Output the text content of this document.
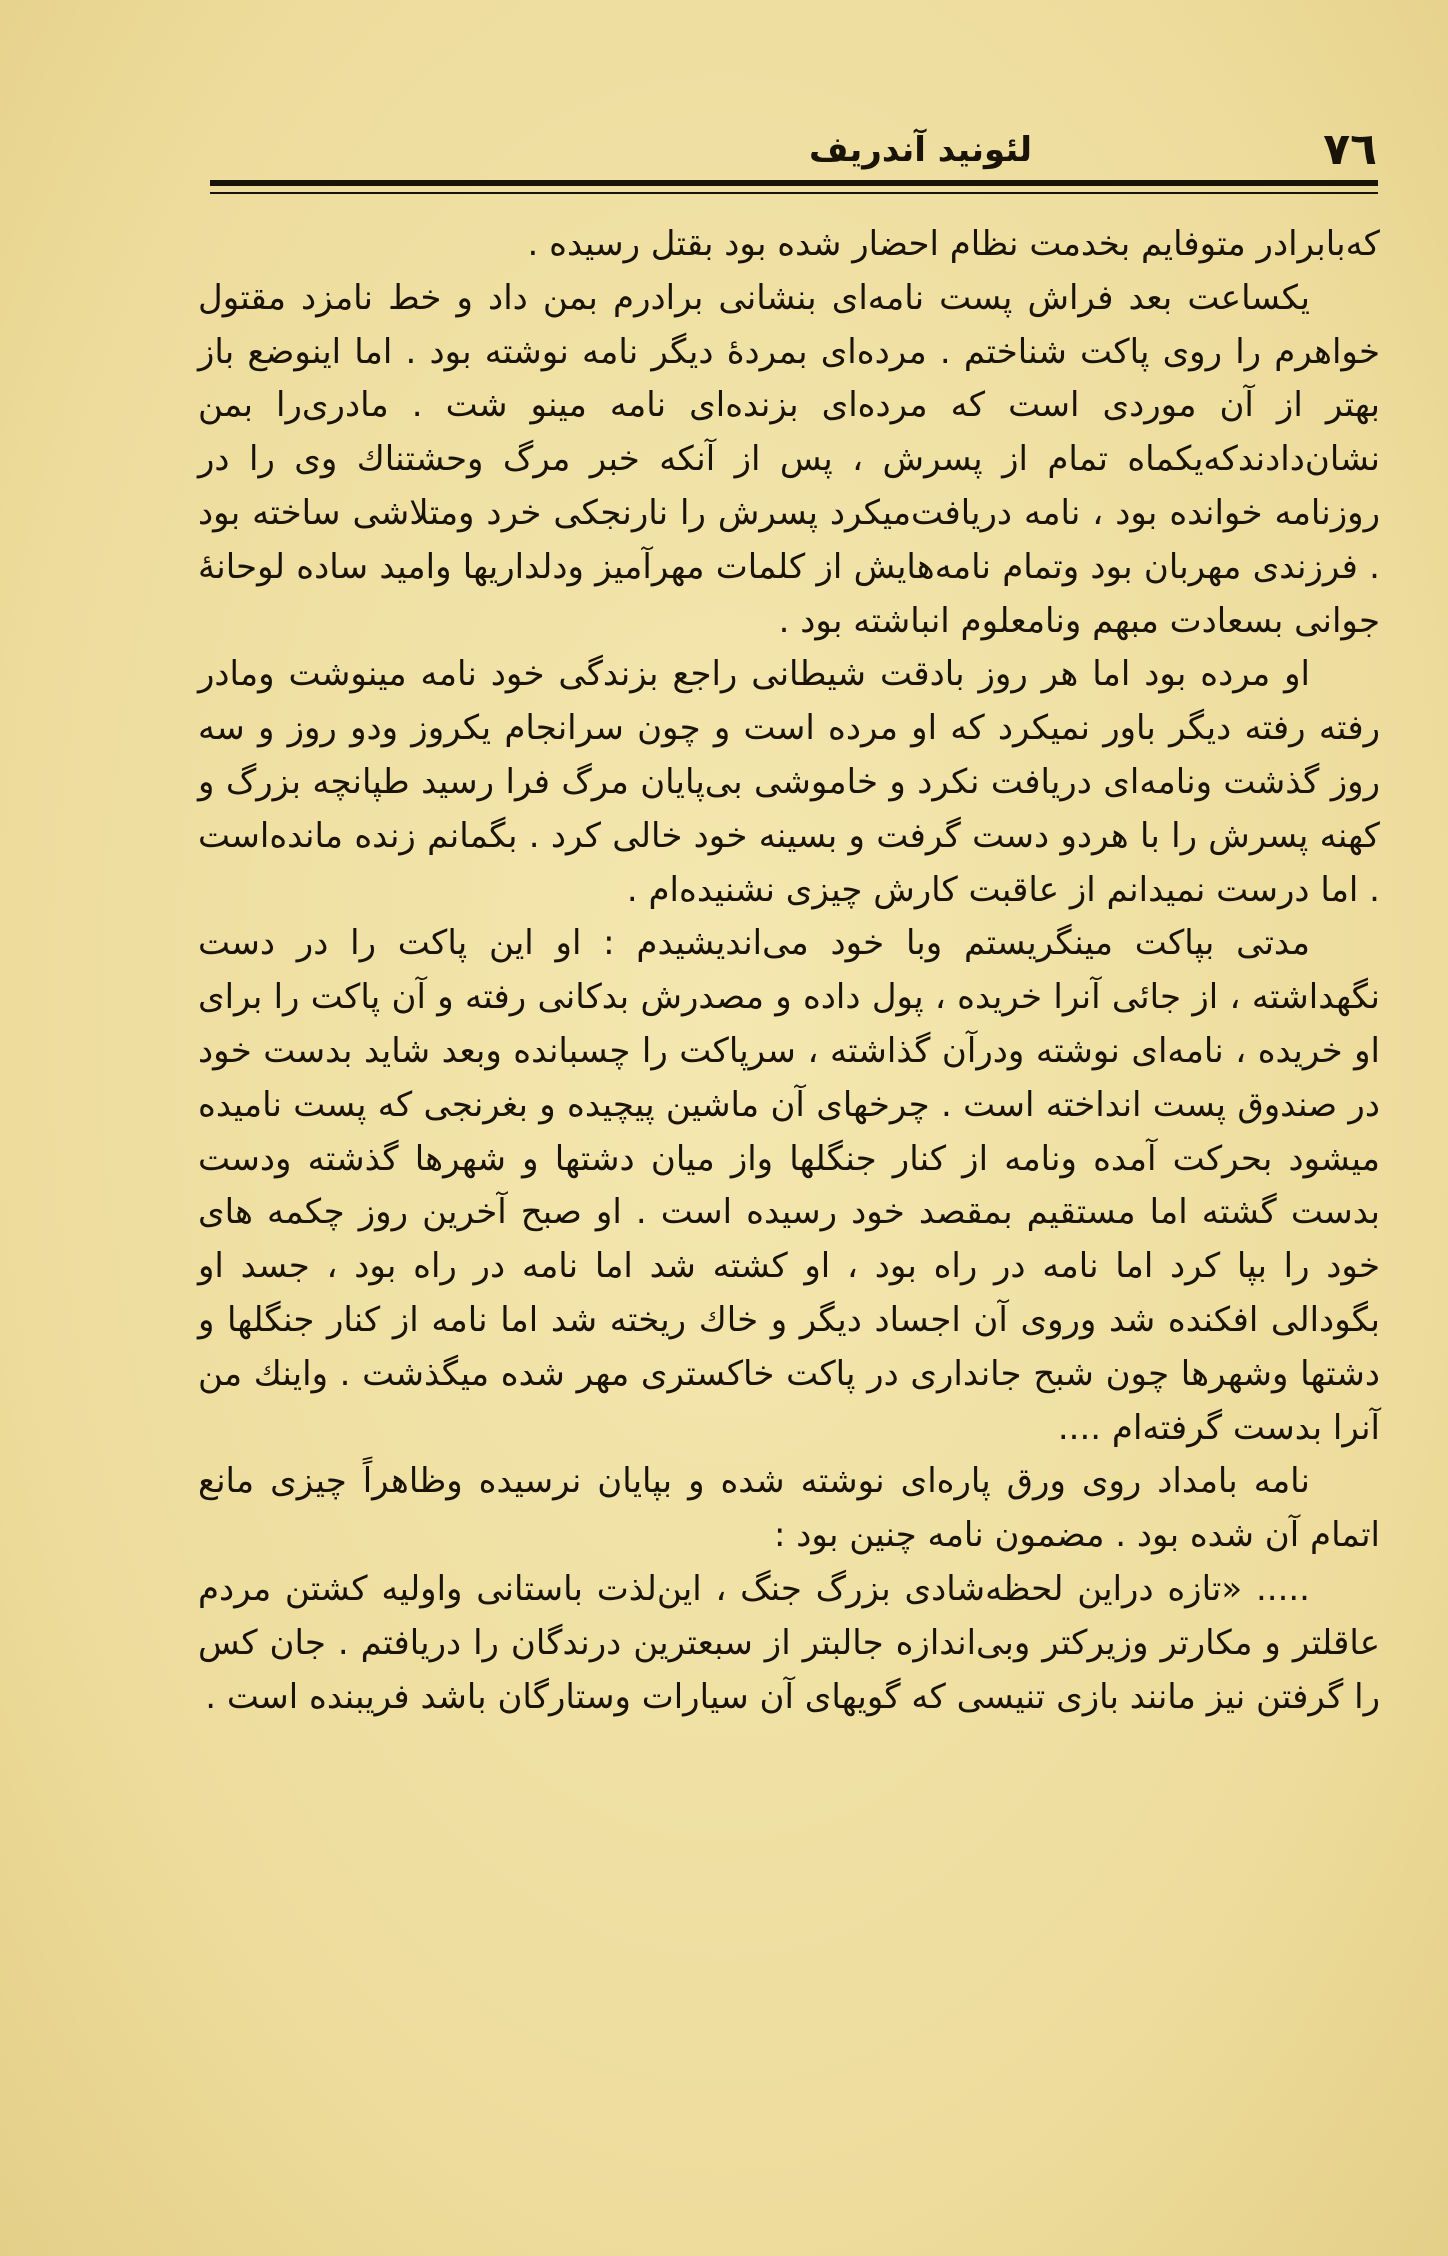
٧٦
لئونید آندریف

که‌بابرادر متوفایم بخدمت نظام احضار شده بود بقتل رسیده .

یکساعت بعد فراش پست نامه‌ای بنشانی برادرم بمن داد و خط نامزد مقتول خواهرم را روی پاکت شناختم . مرده‌ای بمردهٔ دیگر نامه نوشته بود . اما اینوضع باز بهتر از آن موردی است که مرده‌ای بزنده‌ای نامه مینو شت . مادری‌را بمن نشان‌دادندکه‌یکماه تمام از پسرش ، پس از آنکه خبر مرگ وحشتناك وی را در روزنامه خوانده بود ، نامه دریافت‌میکرد پسرش را نارنجکی خرد ومتلاشی ساخته بود . فرزندی مهربان بود وتمام نامه‌هایش از کلمات مهرآمیز ودلداریها وامید ساده لوحانهٔ جوانی بسعادت مبهم ونامعلوم انباشته بود .

او مرده بود اما هر روز بادقت شیطانی راجع بزندگی خود نامه مینوشت ومادر رفته رفته دیگر باور نمیکرد که او مرده است و چون سرانجام یکروز ودو روز و سه روز گذشت ونامه‌ای دریافت نکرد و خاموشی بی‌پایان مرگ فرا رسید طپانچه بزرگ و کهنه پسرش را با هردو دست گرفت و بسینه خود خالی کرد . بگمانم زنده مانده‌است . اما درست نمیدانم از عاقبت کارش چیزی نشنیده‌ام .

مدتی بپاکت مینگریستم وبا خود می‌اندیشیدم : او این پاکت را در دست نگهداشته ، از جائی آنرا خریده ، پول داده و مصدرش بدکانی رفته و آن پاکت را برای او خریده ، نامه‌ای نوشته ودرآن گذاشته ، سرپاکت را چسبانده وبعد شاید بدست خود در صندوق پست انداخته است . چرخهای آن ماشین پیچیده و بغرنجی که پست نامیده میشود بحرکت آمده ونامه از کنار جنگلها واز میان دشتها و شهرها گذشته ودست بدست گشته اما مستقیم بمقصد خود رسیده است . او صبح آخرین روز چکمه های خود را بپا کرد اما نامه در راه بود ، او کشته شد اما نامه در راه بود ، جسد او بگودالی افکنده شد وروی آن اجساد دیگر و خاك ریخته شد اما نامه از کنار جنگلها و دشتها وشهرها چون شبح جانداری در پاکت خاکستری مهر شده میگذشت . واینك من آنرا بدست گرفته‌ام ....

نامه بامداد روی ورق پاره‌ای نوشته شده و بپایان نرسیده وظاهراً چیزی مانع اتمام آن شده بود . مضمون نامه چنین بود :

..... «تازه دراین لحظه‌شادی بزرگ جنگ ، این‌لذت باستانی واولیه کشتن مردم عاقلتر و مکارتر وزیرکتر وبی‌اندازه جالبتر از سبعترین درندگان را دریافتم . جان کس را گرفتن نیز مانند بازی تنیسی که گویهای آن سیارات وستارگان باشد فریبنده است .
